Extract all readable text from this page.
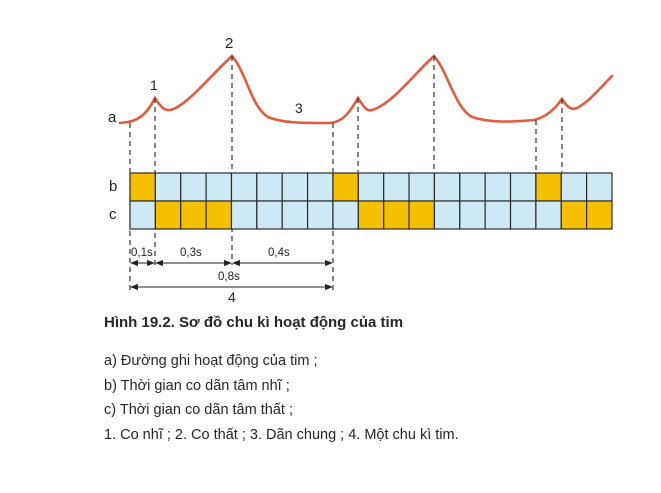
a
b
c
1
2
3
0,1s 0,3s	0,4s
0,8s
4

Hình 19.2. Sơ đồ chu kì hoạt động của tim

a) Đường ghi hoạt động của tim ;
b) Thời gian co dãn tâm nhĩ ;
c) Thời gian co dãn tâm thất ;
1. Co nhĩ ; 2. Co thất ; 3. Dãn chung ; 4. Một chu kì tim.
